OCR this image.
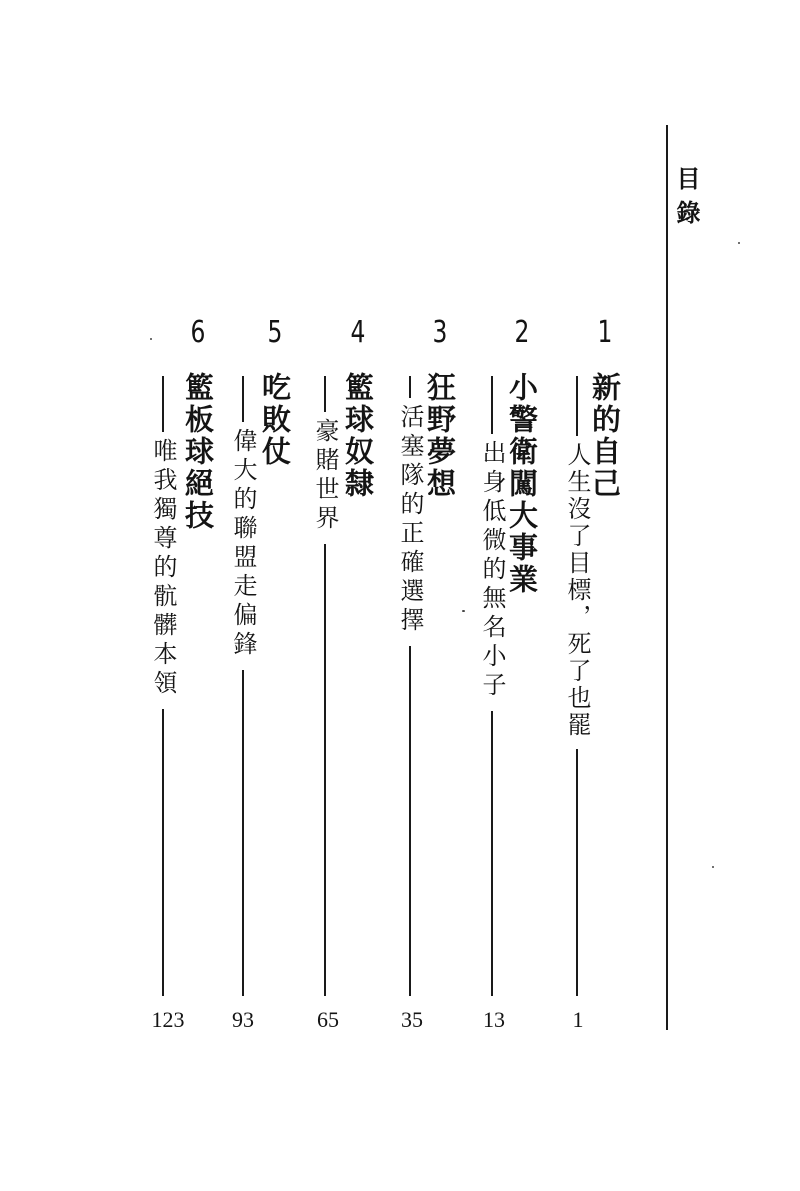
目錄
1
新的自己
人生沒了目標，死了也罷
1
2
小警衛闖大事業
出身低微的無名小子
13
3
狂野夢想
活塞隊的正確選擇
35
4
籃球奴隸
豪賭世界
65
5
吃敗仗
偉大的聯盟走偏鋒
93
6
籃板球絕技
唯我獨尊的骯髒本領
123
